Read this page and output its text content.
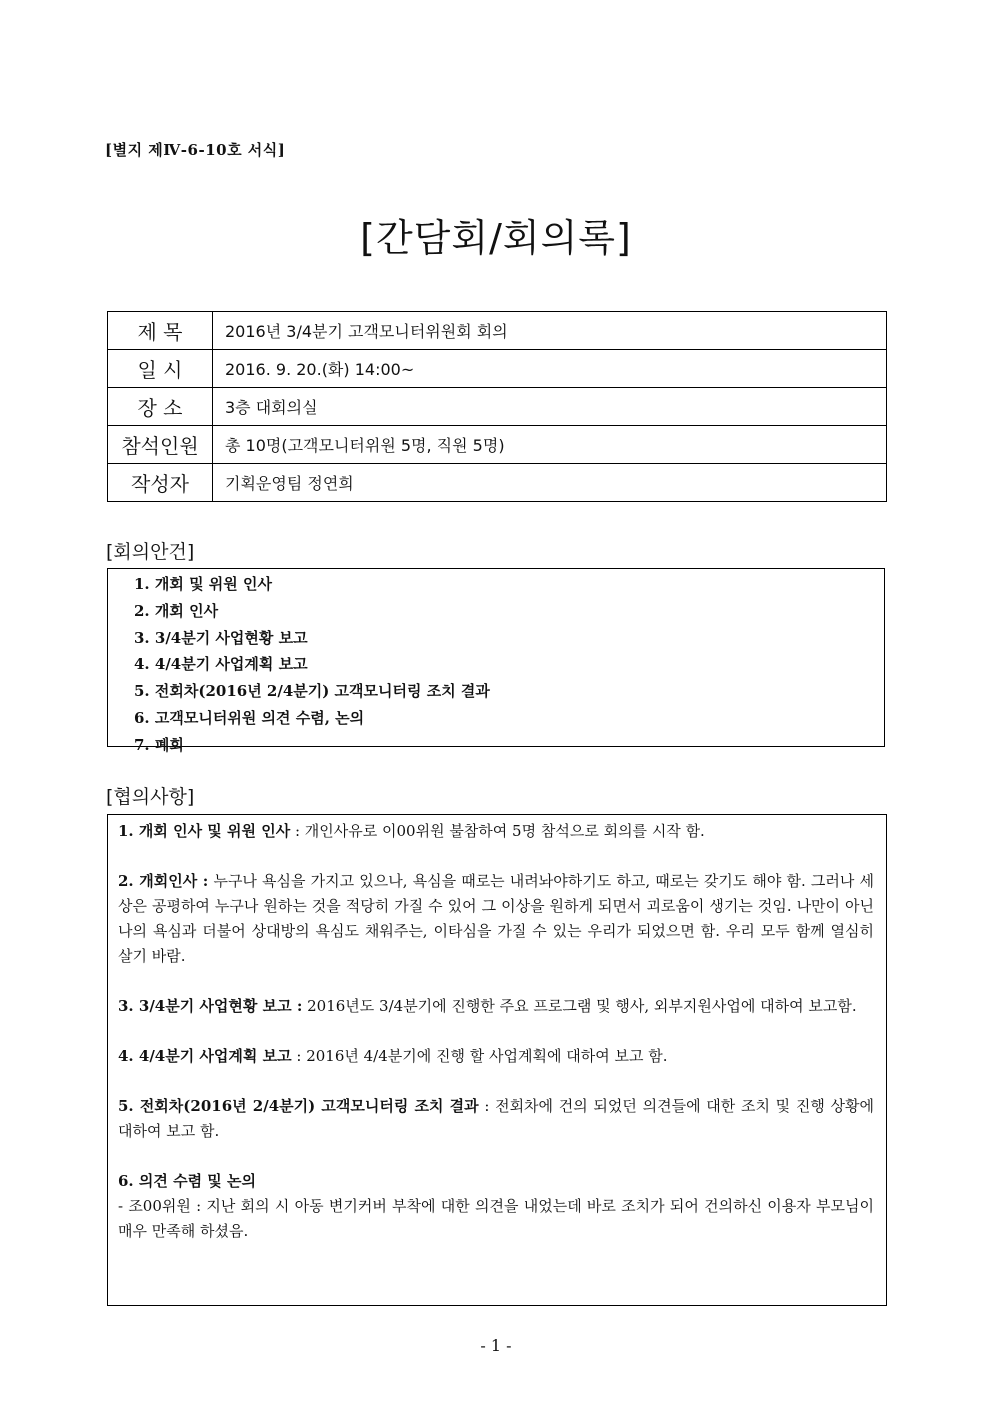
[별지 제Ⅳ-6-10호 서식]
[간담회/회의록]
제 목	2016년 3/4분기 고객모니터위원회 회의
일 시	2016. 9. 20.(화) 14:00~
장 소	3층 대회의실
참석인원	총 10명(고객모니터위원 5명, 직원 5명)
작성자	기획운영팀 정연희
[회의안건]
1. 개회 및 위원 인사
2. 개회 인사
3. 3/4분기 사업현황 보고
4. 4/4분기 사업계획 보고
5. 전회차(2016년 2/4분기) 고객모니터링 조치 결과
6. 고객모니터위원 의견 수렴, 논의
7. 폐회
[협의사항]

1. 개회 인사 및 위원 인사 : 개인사유로 이00위원 불참하여 5명 참석으로 회의를 시작 함.

2. 개회인사 : 누구나 욕심을 가지고 있으나, 욕심을 때로는 내려놔야하기도 하고, 때로는 갖기도 해야 함. 그러나 세상은 공평하여 누구나 원하는 것을 적당히 가질 수 있어 그 이상을 원하게 되면서 괴로움이 생기는 것임. 나만이 아닌 나의 욕심과 더불어 상대방의 욕심도 채워주는, 이타심을 가질 수 있는 우리가 되었으면 함. 우리 모두 함께 열심히 살기 바람.

3. 3/4분기 사업현황 보고 : 2016년도 3/4분기에 진행한 주요 프로그램 및 행사, 외부지원사업에 대하여 보고함.

4. 4/4분기 사업계획 보고 : 2016년 4/4분기에 진행 할 사업계획에 대하여 보고 함.

5. 전회차(2016년 2/4분기) 고객모니터링 조치 결과 : 전회차에 건의 되었던 의견들에 대한 조치 및 진행 상황에 대하여 보고 함.

6. 의견 수렴 및 논의
- 조00위원 : 지난 회의 시 아동 변기커버 부착에 대한 의견을 내었는데 바로 조치가 되어 건의하신 이용자 부모님이 매우 만족해 하셨음.

- 1 -
